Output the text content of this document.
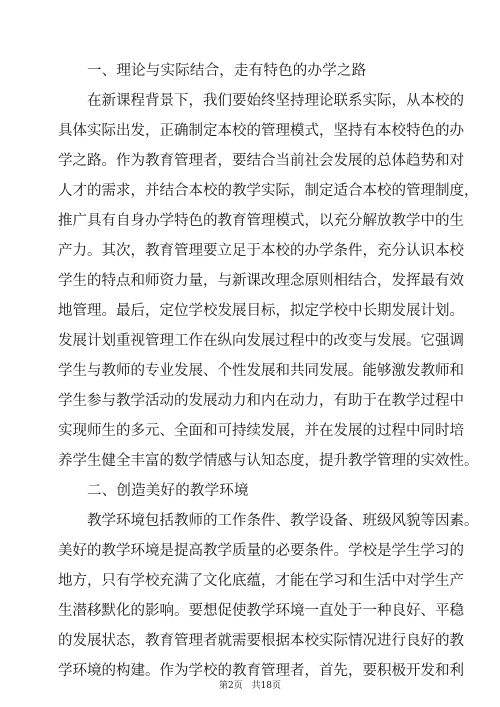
一、理论与实际结合，走有特色的办学之路

在新课程背景下，我们要始终坚持理论联系实际，从本校的

具体实际出发，正确制定本校的管理模式，坚持有本校特色的办

学之路。作为教育管理者，要结合当前社会发展的总体趋势和对

人才的需求，并结合本校的教学实际，制定适合本校的管理制度，

推广具有自身办学特色的教育管理模式，以充分解放教学中的生

产力。其次，教育管理要立足于本校的办学条件，充分认识本校

学生的特点和师资力量，与新课改理念原则相结合，发挥最有效

地管理。最后，定位学校发展目标，拟定学校中长期发展计划。

发展计划重视管理工作在纵向发展过程中的改变与发展。它强调

学生与教师的专业发展、个性发展和共同发展。能够激发教师和

学生参与教学活动的发展动力和内在动力，有助于在教学过程中

实现师生的多元、全面和可持续发展，并在发展的过程中同时培

养学生健全丰富的数学情感与认知态度，提升教学管理的实效性。

二、创造美好的教学环境

教学环境包括教师的工作条件、教学设备、班级风貌等因素。

美好的教学环境是提高教学质量的必要条件。学校是学生学习的

地方，只有学校充满了文化底蕴，才能在学习和生活中对学生产

生潜移默化的影响。要想促使教学环境一直处于一种良好、平稳

的发展状态，教育管理者就需要根据本校实际情况进行良好的教

学环境的构建。作为学校的教育管理者，首先，要积极开发和利

第2页 共18页
